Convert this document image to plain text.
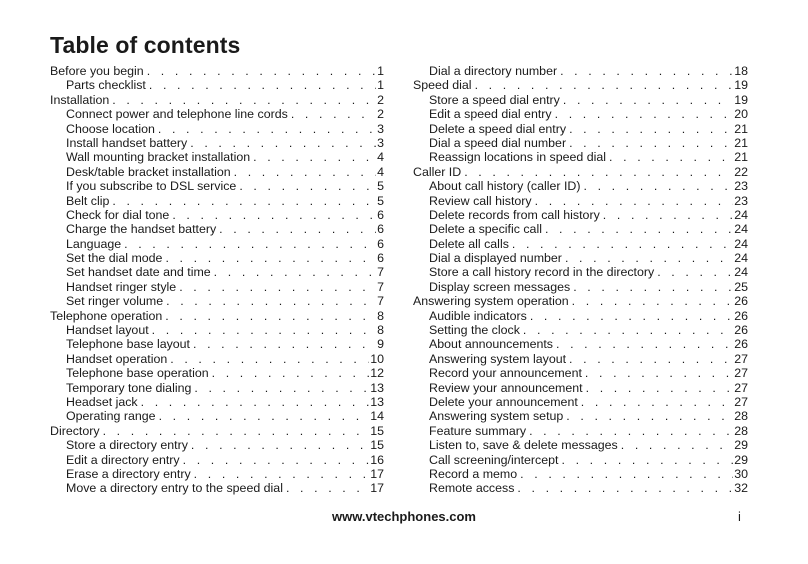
Table of contents
Before you begin . . .	1
Parts checklist . . .	1
Installation . . .	2
Connect power and telephone line cords . . .	2
Choose location . . .	3
Install handset battery . . .	3
Wall mounting bracket installation . . .	4
Desk/table bracket installation . . .	4
If you subscribe to DSL service . . .	5
Belt clip . . .	5
Check for dial tone . . .	6
Charge the handset battery . . .	6
Language . . .	6
Set the dial mode . . .	6
Set handset date and time . . .	7
Handset ringer style . . .	7
Set ringer volume . . .	7
Telephone operation . . .	8
Handset layout . . .	8
Telephone base layout . . .	9
Handset operation . . .	10
Telephone base operation . . .	12
Temporary tone dialing . . .	13
Headset jack . . .	13
Operating range . . .	14
Directory . . .	15
Store a directory entry . . .	15
Edit a directory entry . . .	16
Erase a directory entry . . .	17
Move a directory entry to the speed dial . . .	17
Dial a directory number . . .	18
Speed dial . . .	19
Store a speed dial entry . . .	19
Edit a speed dial entry . . .	20
Delete a speed dial entry . . .	21
Dial a speed dial number . . .	21
Reassign locations in speed dial . . .	21
Caller ID . . .	22
About call history (caller ID) . . .	23
Review call history . . .	23
Delete records from call history . . .	24
Delete a specific call . . .	24
Delete all calls . . .	24
Dial a displayed number . . .	24
Store a call history record in the directory . . .	24
Display screen messages . . .	25
Answering system operation . . .	26
Audible indicators . . .	26
Setting the clock . . .	26
About announcements . . .	26
Answering system layout . . .	27
Record your announcement . . .	27
Review your announcement . . .	27
Delete your announcement . . .	27
Answering system setup . . .	28
Feature summary . . .	28
Listen to, save & delete messages . . .	29
Call screening/intercept . . .	29
Record a memo . . .	30
Remote access . . .	32
www.vtechphones.com	i
